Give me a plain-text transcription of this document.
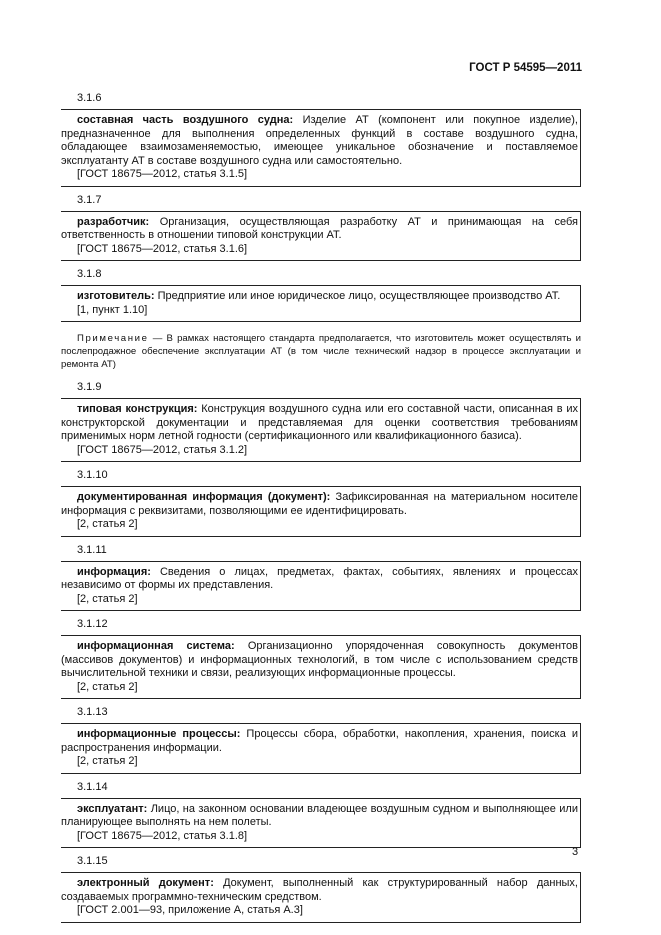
ГОСТ Р 54595—2011
3.1.6

составная часть воздушного судна: Изделие АТ (компонент или покупное изделие), предназначенное для выполнения определенных функций в составе воздушного судна, обладающее взаимозаменяемостью, имеющее уникальное обозначение и поставляемое эксплуатанту АТ в составе воздушного судна или самостоятельно.

[ГОСТ 18675—2012, статья 3.1.5]
3.1.7

разработчик: Организация, осуществляющая разработку АТ и принимающая на себя ответственность в отношении типовой конструкции АТ.

[ГОСТ 18675—2012, статья 3.1.6]
3.1.8

изготовитель: Предприятие или иное юридическое лицо, осуществляющее производство АТ.

[1, пункт 1.10]
Примечание — В рамках настоящего стандарта предполагается, что изготовитель может осуществлять и послепродажное обеспечение эксплуатации АТ (в том числе технический надзор в процессе эксплуатации и ремонта АТ)
3.1.9

типовая конструкция: Конструкция воздушного судна или его составной части, описанная в их конструкторской документации и представляемая для оценки соответствия требованиям применимых норм летной годности (сертификационного или квалификационного базиса).

[ГОСТ 18675—2012, статья 3.1.2]
3.1.10

документированная информация (документ): Зафиксированная на материальном носителе информация с реквизитами, позволяющими ее идентифицировать.

[2, статья 2]
3.1.11

информация: Сведения о лицах, предметах, фактах, событиях, явлениях и процессах независимо от формы их представления.

[2, статья 2]
3.1.12

информационная система: Организационно упорядоченная совокупность документов (массивов документов) и информационных технологий, в том числе с использованием средств вычислительной техники и связи, реализующих информационные процессы.

[2, статья 2]
3.1.13

информационные процессы: Процессы сбора, обработки, накопления, хранения, поиска и распространения информации.

[2, статья 2]
3.1.14

эксплуатант: Лицо, на законном основании владеющее воздушным судном и выполняющее или планирующее выполнять на нем полеты.

[ГОСТ 18675—2012, статья 3.1.8]
3.1.15

электронный документ: Документ, выполненный как структурированный набор данных, создаваемых программно-техническим средством.

[ГОСТ 2.001—93, приложение А, статья А.3]
3
